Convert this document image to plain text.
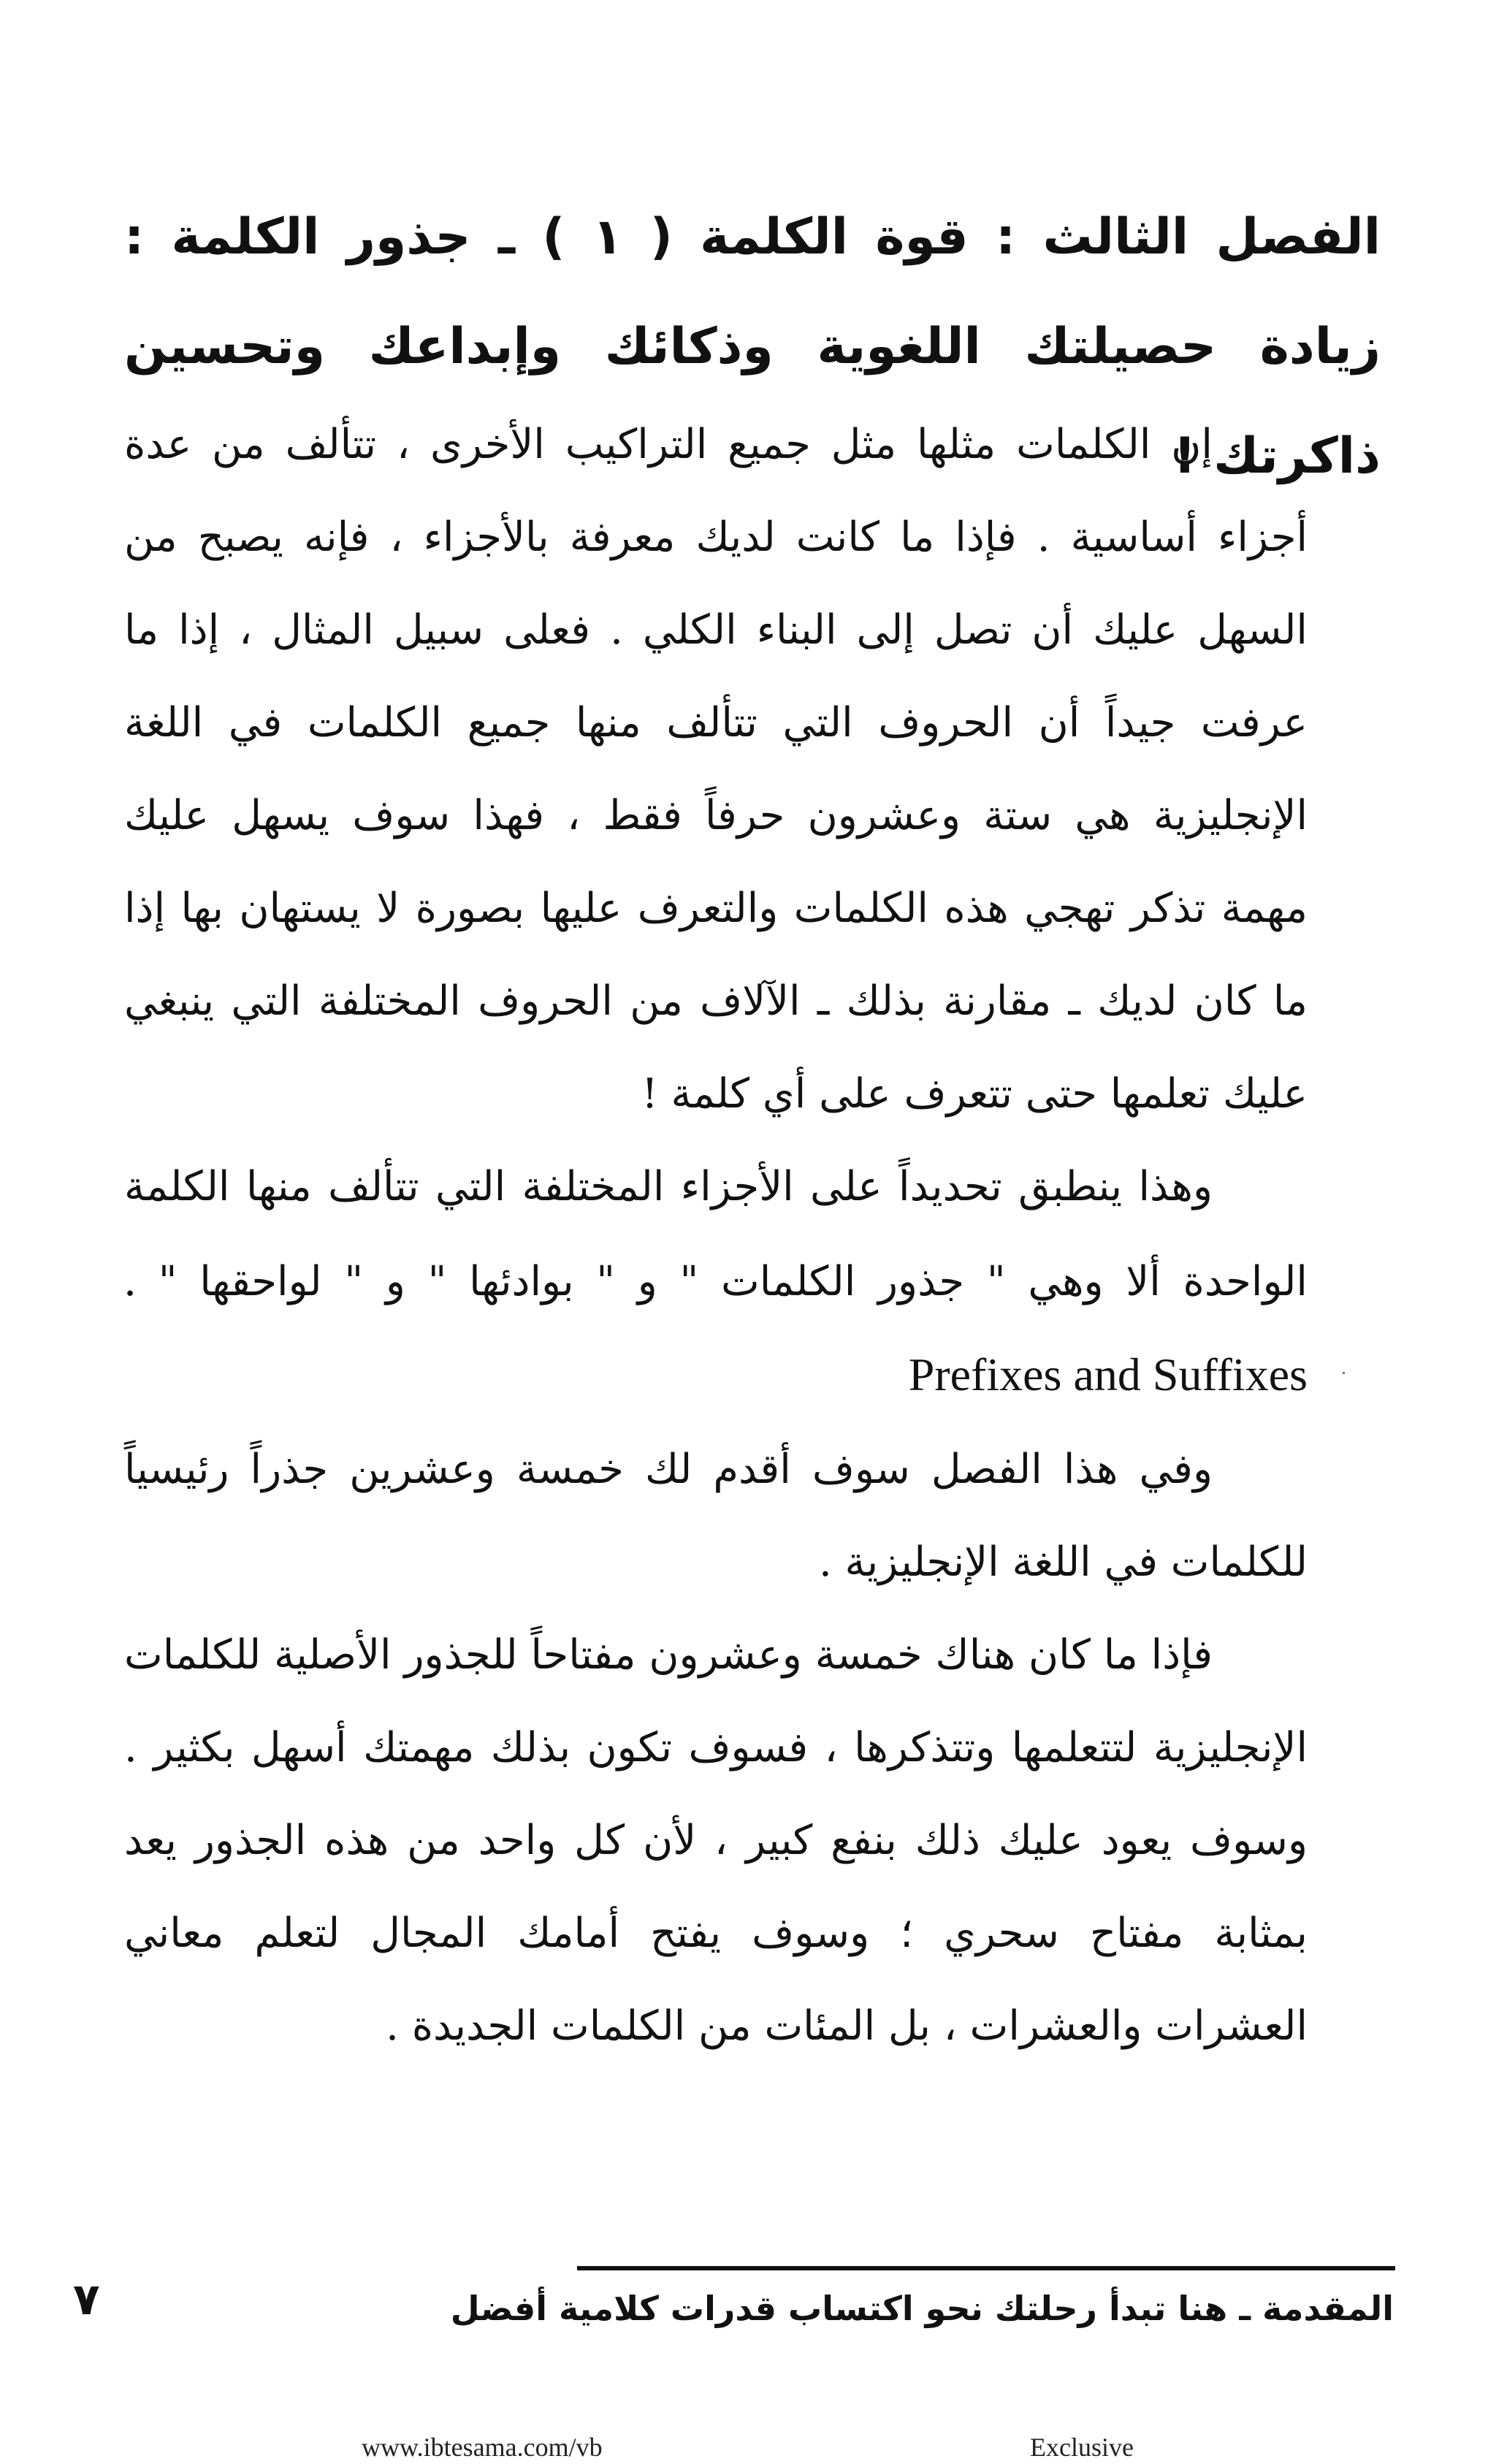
الفصل الثالث : قوة الكلمة ( ١ ) ـ جذور الكلمة : زيادة حصيلتك اللغوية وذكائك وإبداعك وتحسين ذاكرتك !

إن الكلمات مثلها مثل جميع التراكيب الأخرى ، تتألف من عدة أجزاء أساسية . فإذا ما كانت لديك معرفة بالأجزاء ، فإنه يصبح من السهل عليك أن تصل إلى البناء الكلي . فعلى سبيل المثال ، إذا ما عرفت جيداً أن الحروف التي تتألف منها جميع الكلمات في اللغة الإنجليزية هي ستة وعشرون حرفاً فقط ، فهذا سوف يسهل عليك مهمة تذكر تهجي هذه الكلمات والتعرف عليها بصورة لا يستهان بها إذا ما كان لديك ـ مقارنة بذلك ـ الآلاف من الحروف المختلفة التي ينبغي عليك تعلمها حتى تتعرف على أي كلمة !

وهذا ينطبق تحديداً على الأجزاء المختلفة التي تتألف منها الكلمة الواحدة ألا وهي " جذور الكلمات " و " بوادئها " و " لواحقها " . Prefixes and Suffixes

وفي هذا الفصل سوف أقدم لك خمسة وعشرين جذراً رئيسياً للكلمات في اللغة الإنجليزية .

فإذا ما كان هناك خمسة وعشرون مفتاحاً للجذور الأصلية للكلمات الإنجليزية لتتعلمها وتتذكرها ، فسوف تكون بذلك مهمتك أسهل بكثير . وسوف يعود عليك ذلك بنفع كبير ، لأن كل واحد من هذه الجذور يعد بمثابة مفتاح سحري ؛ وسوف يفتح أمامك المجال لتعلم معاني العشرات والعشرات ، بل المئات من الكلمات الجديدة .

المقدمة ـ هنا تبدأ رحلتك نحو اكتساب قدرات كلامية أفضل
٧
www.ibtesama.com/vb	Exclusive
